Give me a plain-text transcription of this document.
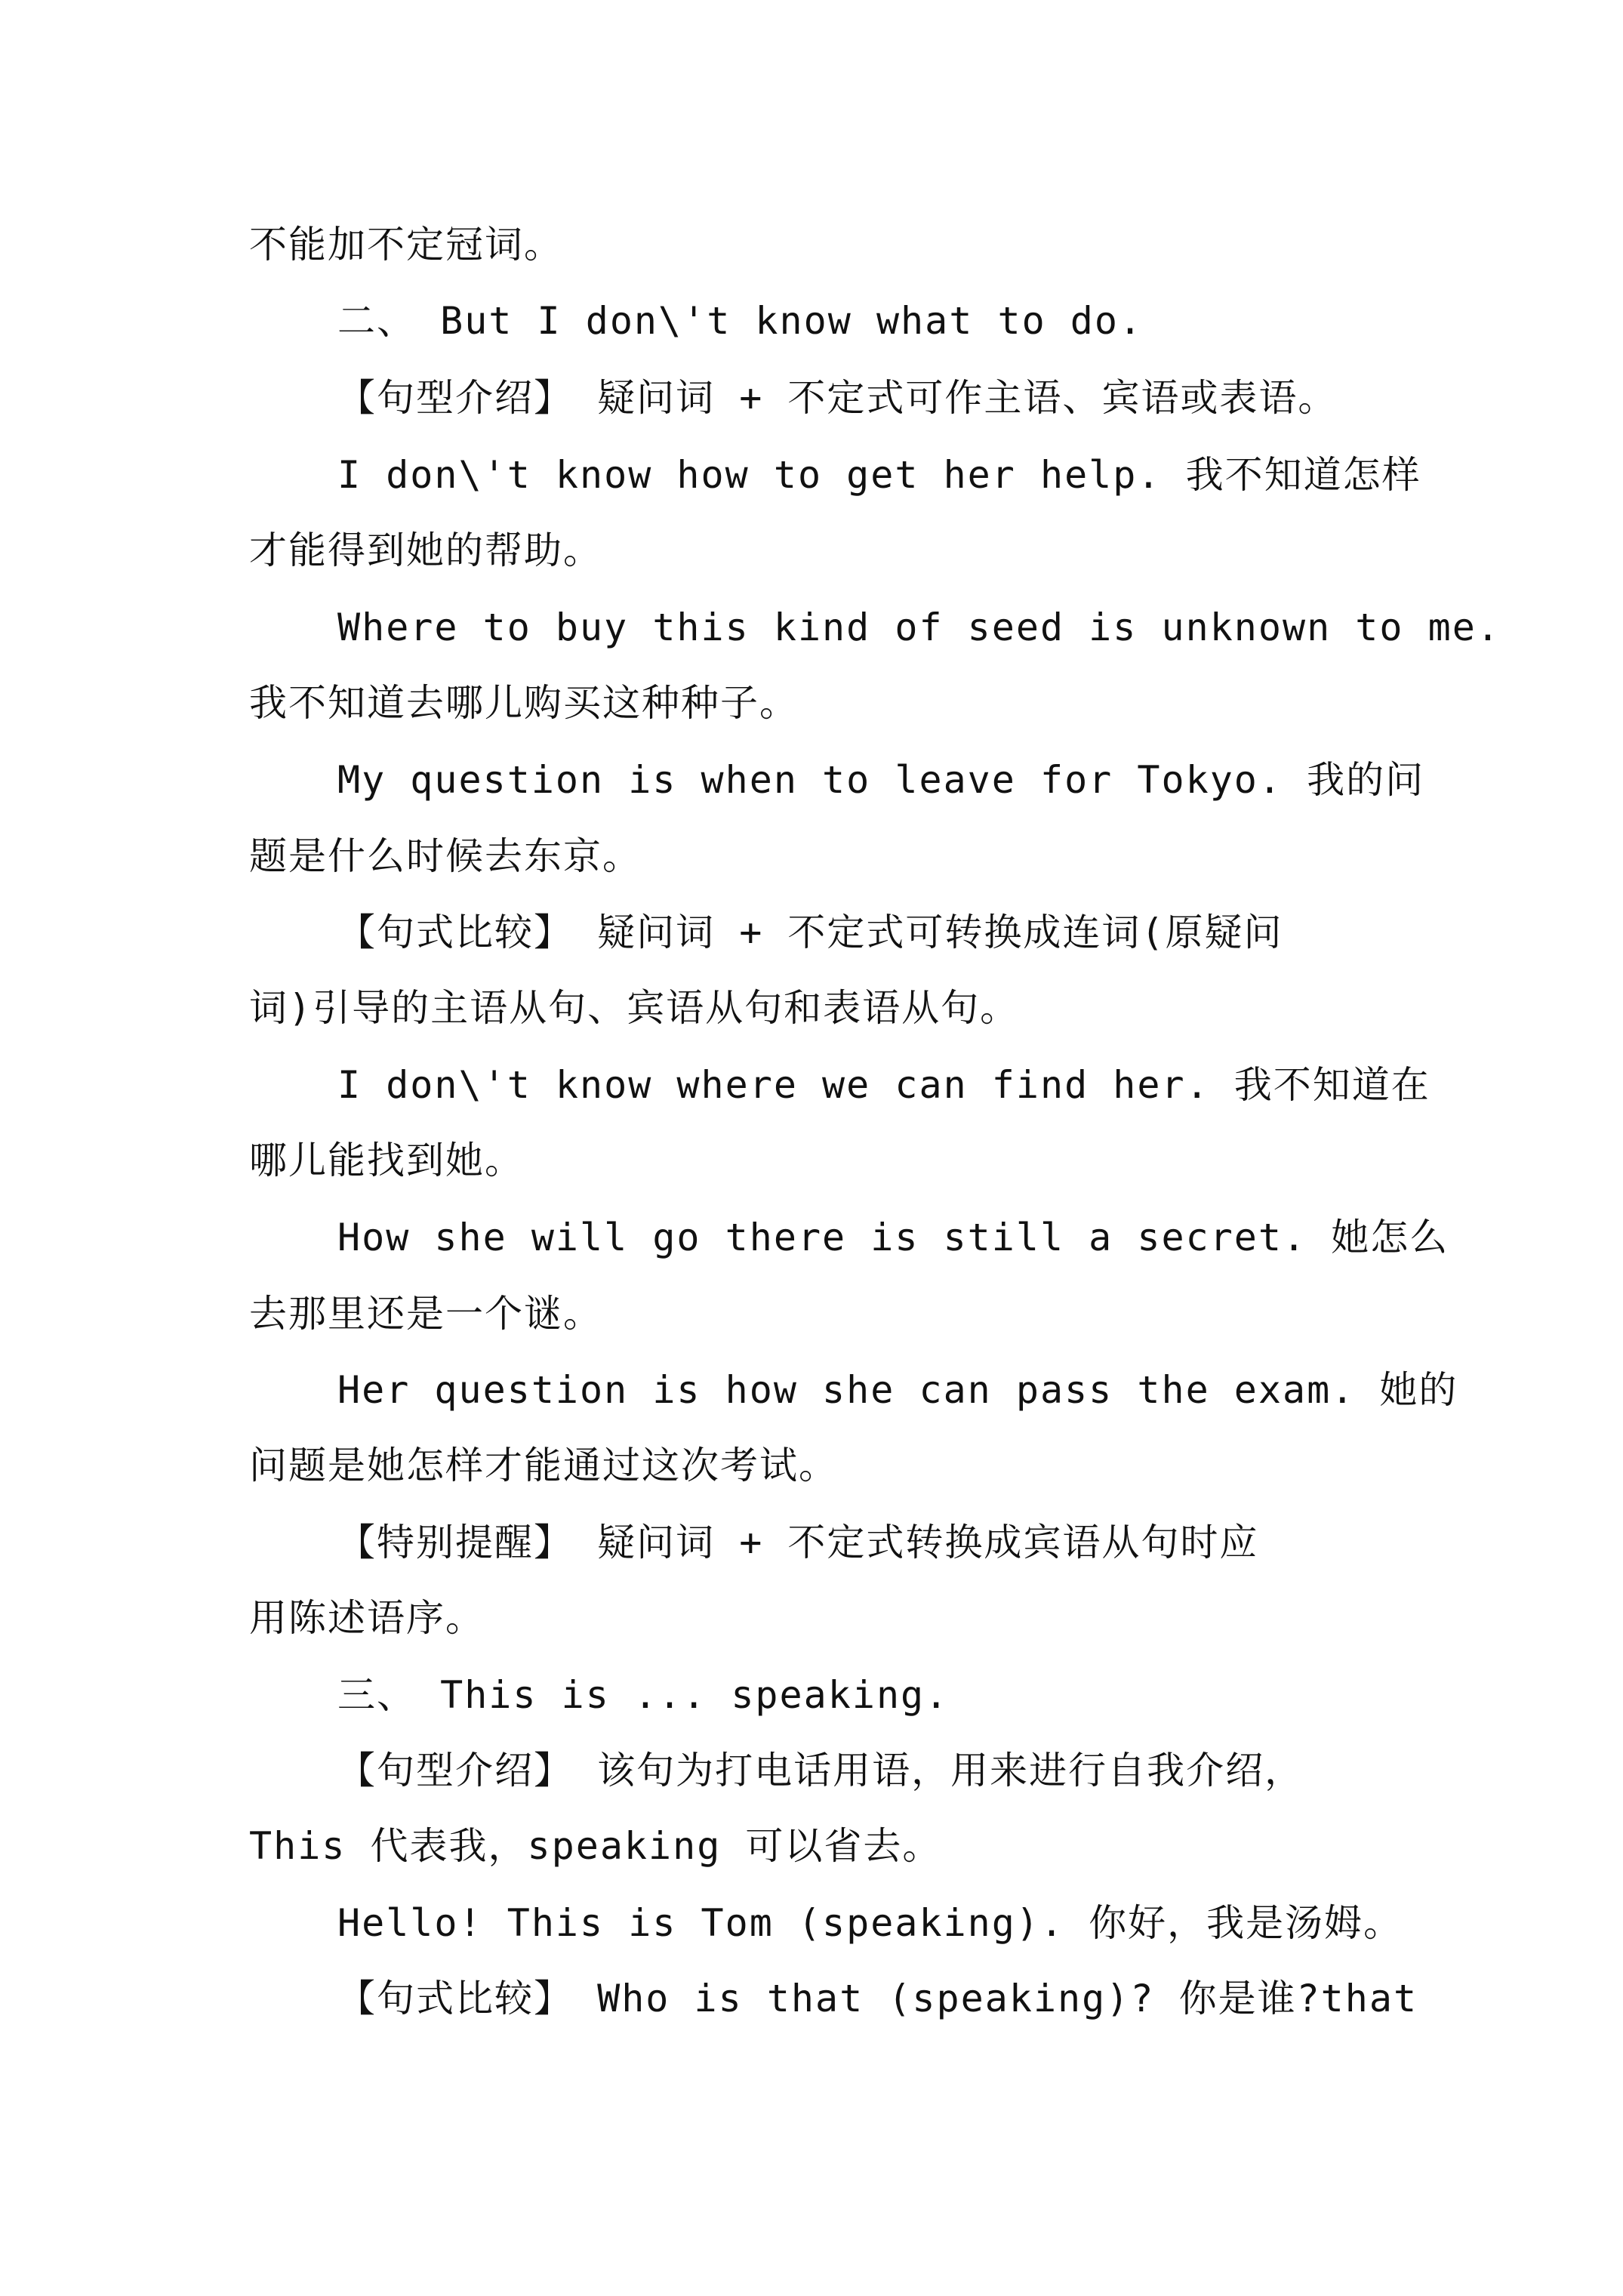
不能加不定冠词。
二、 But I don\'t know what to do.
【句型介绍】 疑问词 + 不定式可作主语、宾语或表语。
I don\'t know how to get her help. 我不知道怎样
才能得到她的帮助。
Where to buy this kind of seed is unknown to me.
我不知道去哪儿购买这种种子。
My question is when to leave for Tokyo. 我的问
题是什么时候去东京。
【句式比较】 疑问词 + 不定式可转换成连词(原疑问
词)引导的主语从句、宾语从句和表语从句。
I don\'t know where we can find her. 我不知道在
哪儿能找到她。
How she will go there is still a secret. 她怎么
去那里还是一个谜。
Her question is how she can pass the exam. 她的
问题是她怎样才能通过这次考试。
【特别提醒】 疑问词 + 不定式转换成宾语从句时应
用陈述语序。
三、 This is ... speaking.
【句型介绍】 该句为打电话用语，用来进行自我介绍，
This 代表我，speaking 可以省去。
Hello! This is Tom (speaking). 你好，我是汤姆。
【句式比较】 Who is that (speaking)? 你是谁?that
